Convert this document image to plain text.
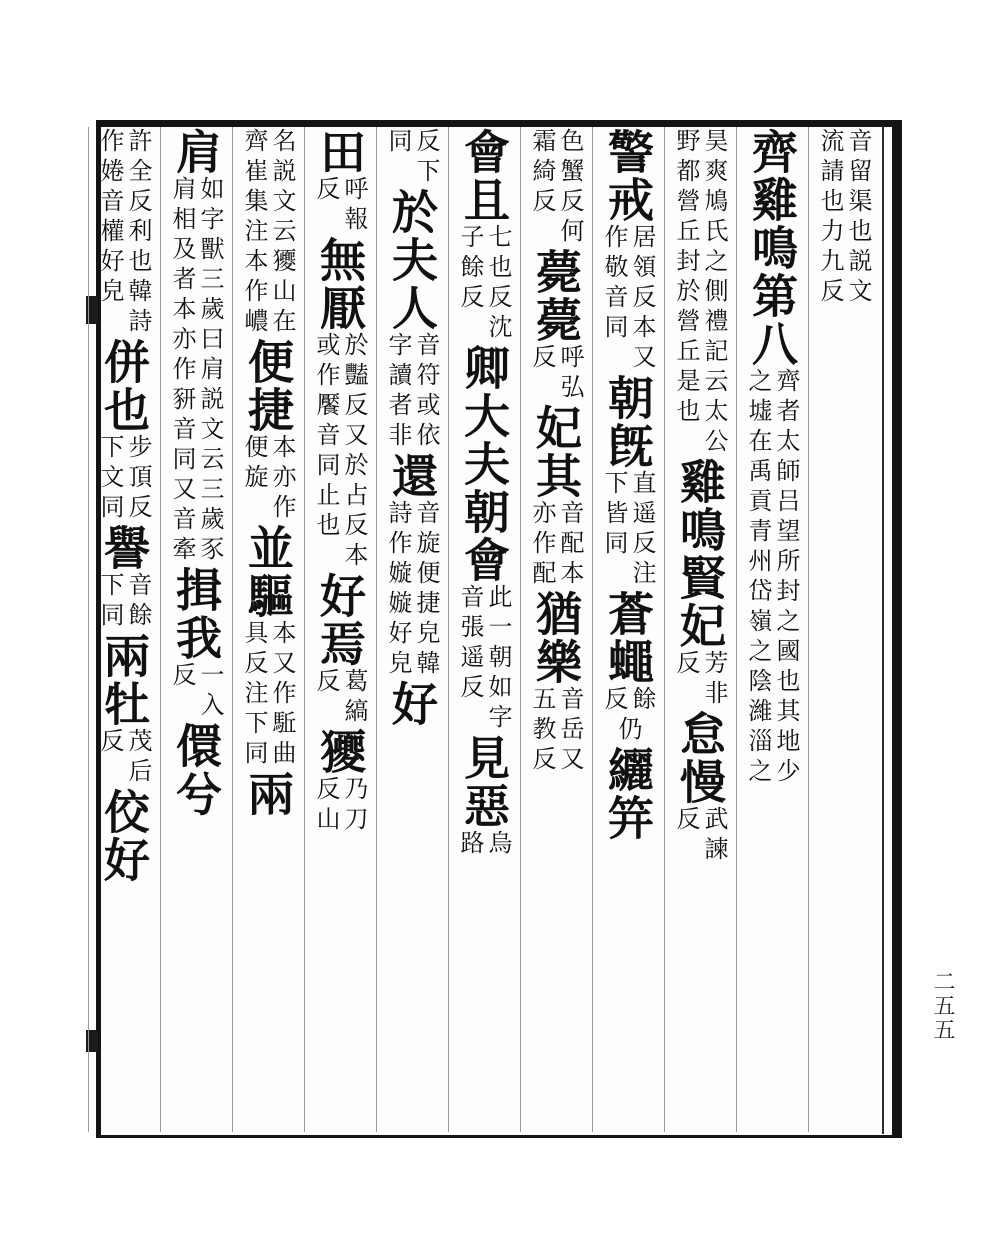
音留渠也説文
流請也力九反
齊雞鳴第八
齊者太師吕望所封之國也其地少
之墟在禹貢青州岱嶺之陰濰淄之
昊爽鳩氏
野都營丘
之側禮記云太公
封於營丘是也
雞鳴賢妃
芳非
反
怠慢
武諫
反
警戒
居領反本又
作敬音同
朝旣
直遥反注
下皆同
蒼蠅
餘
反
仍
纚笄
色蟹反何
霜綺反
薨薨
呼弘
反
妃其
音配本
亦作配
猶樂
音岳又
五教反
會且
七也反沈
子餘反
卿大夫朝會
此一朝如字
音張遥反
見惡
烏
路
反下
同
於夫人
音符或依
字讀者非
還
音旋便捷皃韓
詩作嫙嫙好皃
好
田
呼報
反
無厭
於豔反又於占反本
或作饜音同止也
好焉
葛縞
反
獿
乃刀
反山
名説文云獿山在
齊崔集注本作嶩
便捷
本亦作
便旋
並驅
本又作駈曲
具反注下同
兩
肩
如字獸三歲曰肩説文云三歲豕
肩相及者本亦作豜音同又音牽
揖我
一入
反
儇兮
許全反利也韓詩
作婘音權好皃
併也
步頂反
下文同
譽
音餘
下同
兩牡
茂后
反
佼好
二五五
